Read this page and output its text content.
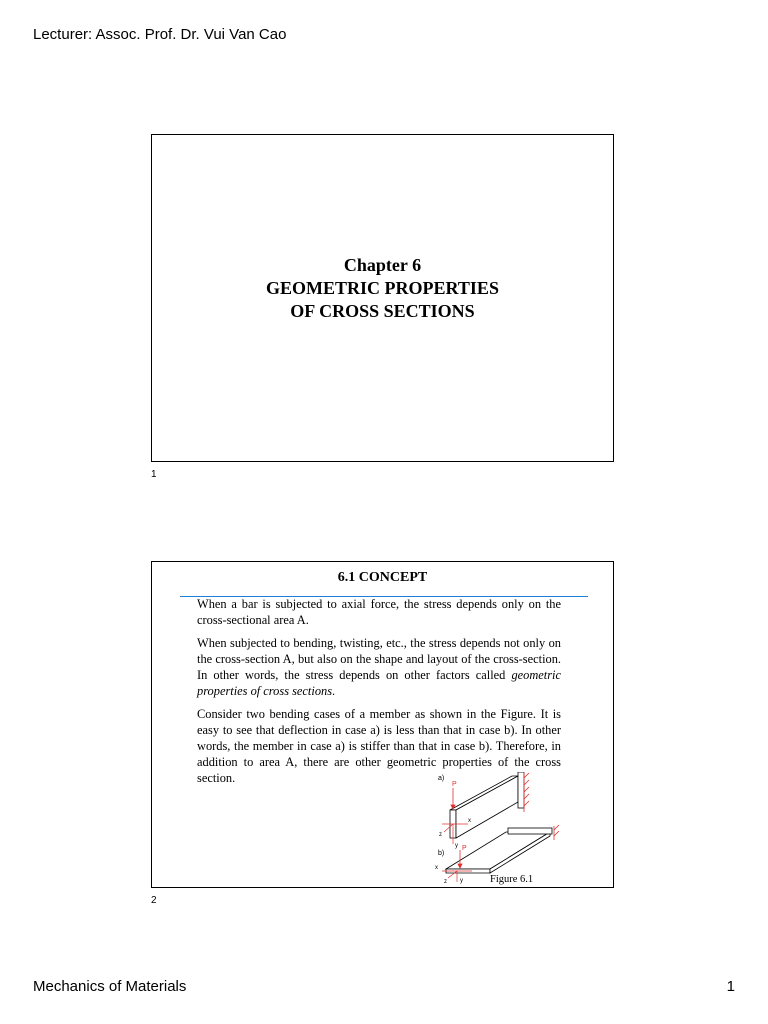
Lecturer: Assoc. Prof. Dr. Vui Van Cao
Chapter 6
GEOMETRIC PROPERTIES
OF CROSS SECTIONS
1
6.1 CONCEPT

When a bar is subjected to axial force, the stress depends only on the cross-sectional area A.

When subjected to bending, twisting, etc., the stress depends not only on the cross-section A, but also on the shape and layout of the cross-section. In other words, the stress depends on other factors called geometric properties of cross sections.

Consider two bending cases of a member as shown in the Figure. It is easy to see that deflection in case a) is less than that in case b). In other words, the member in case a) is stiffer than that in case b). Therefore, in addition to area A, there are other geometric properties of the cross section.	a)
P
x
y
z
b)
P
x
y
z	Figure 6.1
2
Mechanics of Materials	1
